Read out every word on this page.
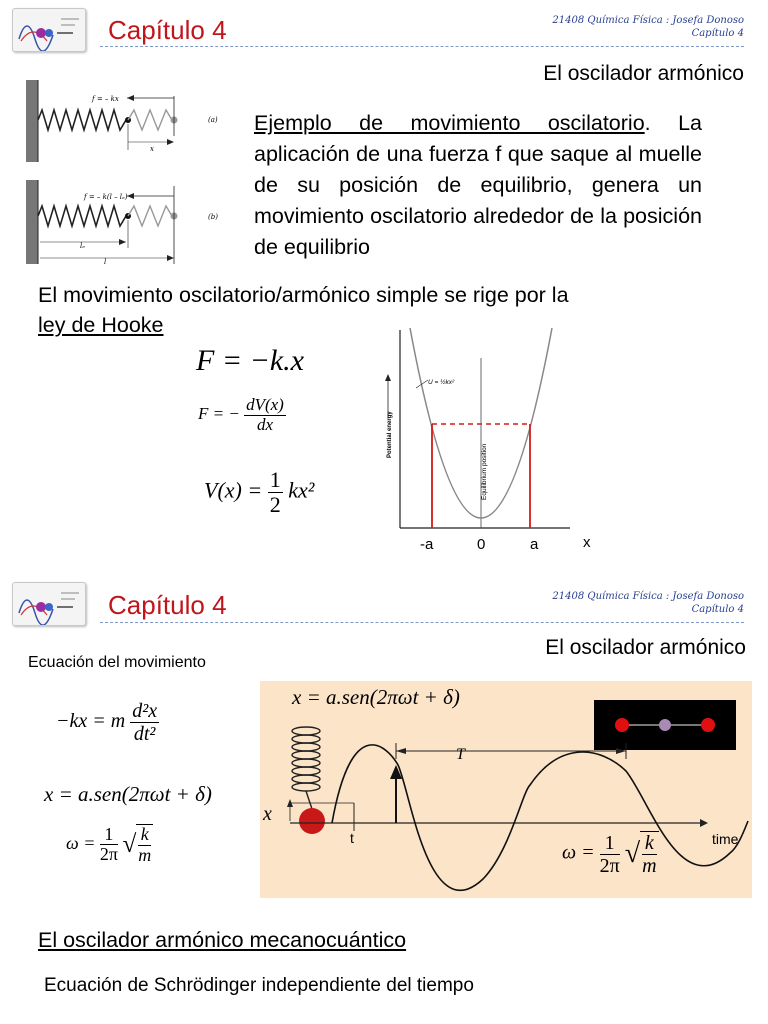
Capítulo 4	21408 Química Física : Josefa Donoso
Capítulo 4
El oscilador armónico
f = – kx
x
(a)
f = – k(l – lₑ)
lₑ
l
(b)
Ejemplo de movimiento oscilatorio. La aplicación de una fuerza f que saque al muelle de su posición de equilibrio, genera un movimiento oscilatorio alrededor de la posición de equilibrio
El movimiento oscilatorio/armónico simple se rige por la
ley de Hooke
F = −k.x
F = − $\frac{dV(x)}{dx}$
$V(x) = \frac{1}{2} kx^2$
Potential energy
Equilibrium position
U = ½kx²
-a	0	a	x
Capítulo 4	21408 Química Física : Josefa Donoso
Capítulo 4
El oscilador armónico
Ecuación del movimiento
−kx = m $\frac{\text{d²x}}{\text{dt²}}$
x = a.sen(2πωt + δ)
$\omega = \frac{1}{2\pi}$ √ $\frac{k}{m}$
x = a.sen(2πωt + δ)
T
x
t	time
$\omega = \frac{1}{2\pi}$ √ $\frac{k}{m}$
El oscilador armónico mecanocuántico
Ecuación de Schrödinger independiente del tiempo
